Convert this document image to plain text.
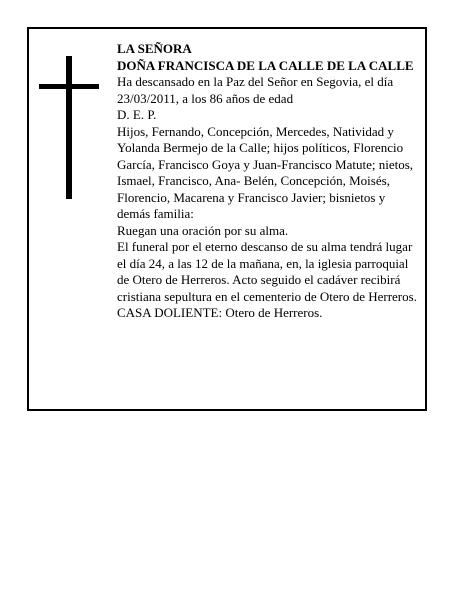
LA SEÑORA

DOÑA FRANCISCA DE LA CALLE DE LA CALLE

Ha descansado en la Paz del Señor en Segovia, el día 23/03/2011, a los 86 años de edad

D. E. P.

Hijos, Fernando, Concepción, Mercedes, Natividad y Yolanda Bermejo de la Calle; hijos políticos, Florencio García, Francisco Goya y Juan-Francisco Matute; nietos, Ismael, Francisco, Ana- Belén, Concepción, Moisés, Florencio, Macarena y Francisco Javier; bisnietos y demás familia:

Ruegan una oración por su alma.

El funeral por el eterno descanso de su alma tendrá lugar el día 24, a las 12 de la mañana, en, la iglesia parroquial de Otero de Herreros. Acto seguido el cadáver recibirá cristiana sepultura en el cementerio de Otero de Herreros.

CASA DOLIENTE: Otero de Herreros.
